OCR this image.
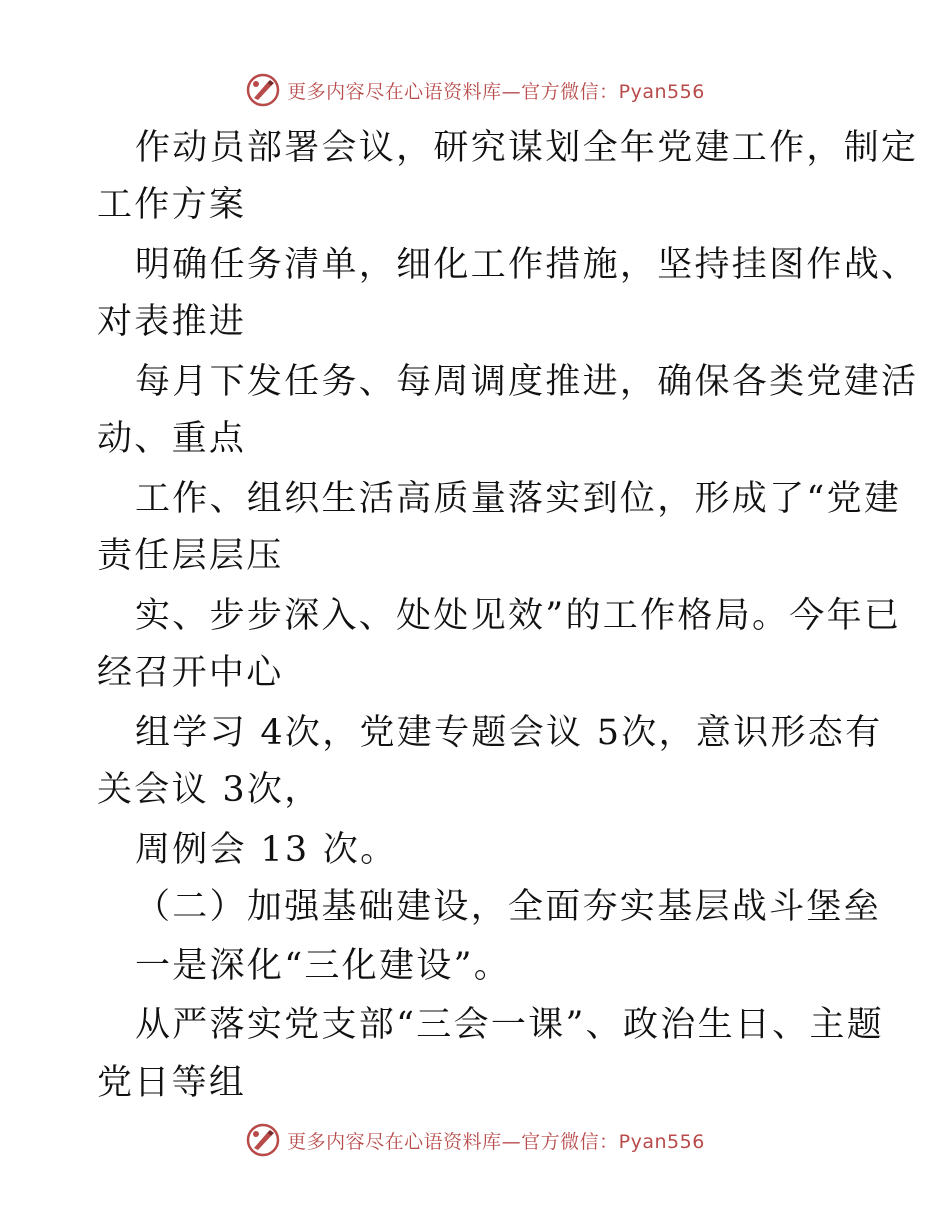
更多内容尽在心语资料库—官方微信：Pyan556
作动员部署会议，研究谋划全年党建工作，制定
工作方案
明确任务清单，细化工作措施，坚持挂图作战、
对表推进
每月下发任务、每周调度推进，确保各类党建活
动、重点
工作、组织生活高质量落实到位，形成了“党建
责任层层压
实、步步深入、处处见效”的工作格局。今年已
经召开中心
组学习 4次，党建专题会议 5次，意识形态有
关会议 3次，
周例会 13 次。
（二）加强基础建设，全面夯实基层战斗堡垒
一是深化“三化建设”。
从严落实党支部“三会一课”、政治生日、主题
党日等组
更多内容尽在心语资料库—官方微信：Pyan556
